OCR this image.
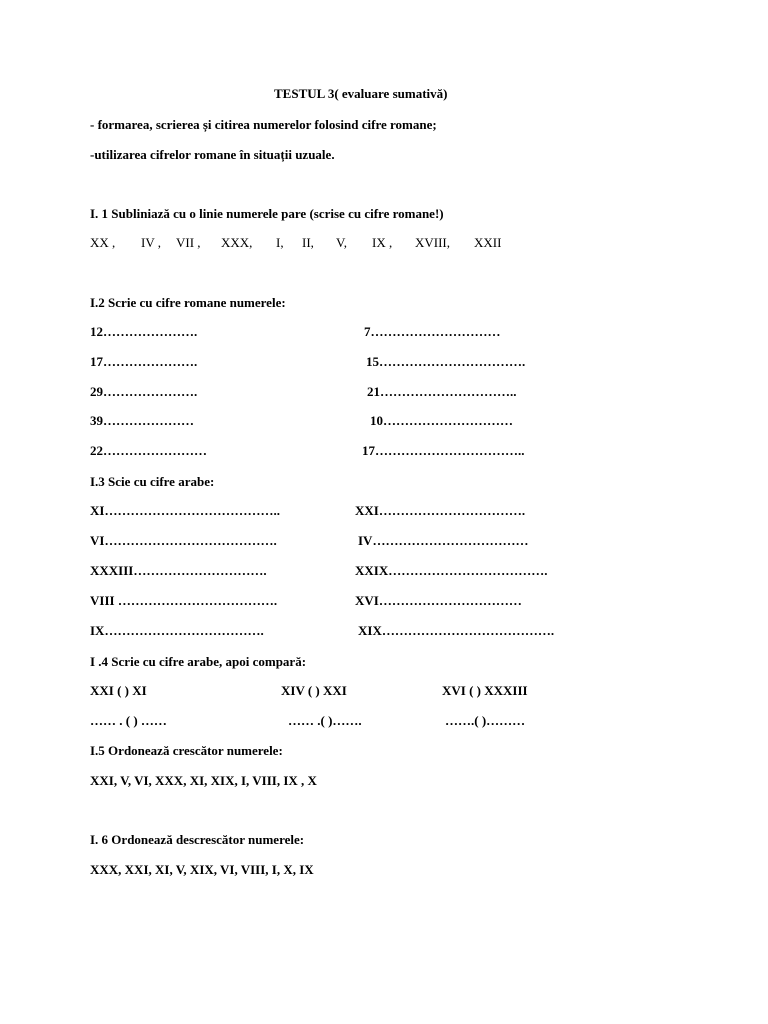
TESTUL 3( evaluare sumativă)
- formarea, scrierea și citirea numerelor folosind cifre romane;
-utilizarea cifrelor romane în situații uzuale.
I. 1 Subliniază cu o linie numerele pare (scrise cu cifre romane!)
XX , IV , VII , XXX, I, II, V, IX , XVIII, XXII
I.2 Scrie cu cifre romane numerele:
12………………….	7…………………………
17………………….	15…………………………….
29………………….	21…………………………..
39…………………	10…………………………
22……………………	17……………………………..
I.3 Scie cu cifre arabe:
XI…………………………………..	XXI…………………………….
VI………………………………….	IV………………………………
XXXIII………………………….	XXIX……………………………….
VIII ……………………………….	XVI……………………………
IX……………………………….	XIX………………………………….
I .4 Scrie cu cifre arabe, apoi compară:
XXI ( ) XI	XIV ( ) XXI	XVI ( ) XXXIII
…… . ( ) ……	…… .( )…….	…….( )………
I.5 Ordonează crescător numerele:
XXI, V, VI, XXX, XI, XIX, I, VIII, IX , X
I. 6 Ordonează descrescător numerele:
XXX, XXI, XI, V, XIX, VI, VIII, I, X, IX
